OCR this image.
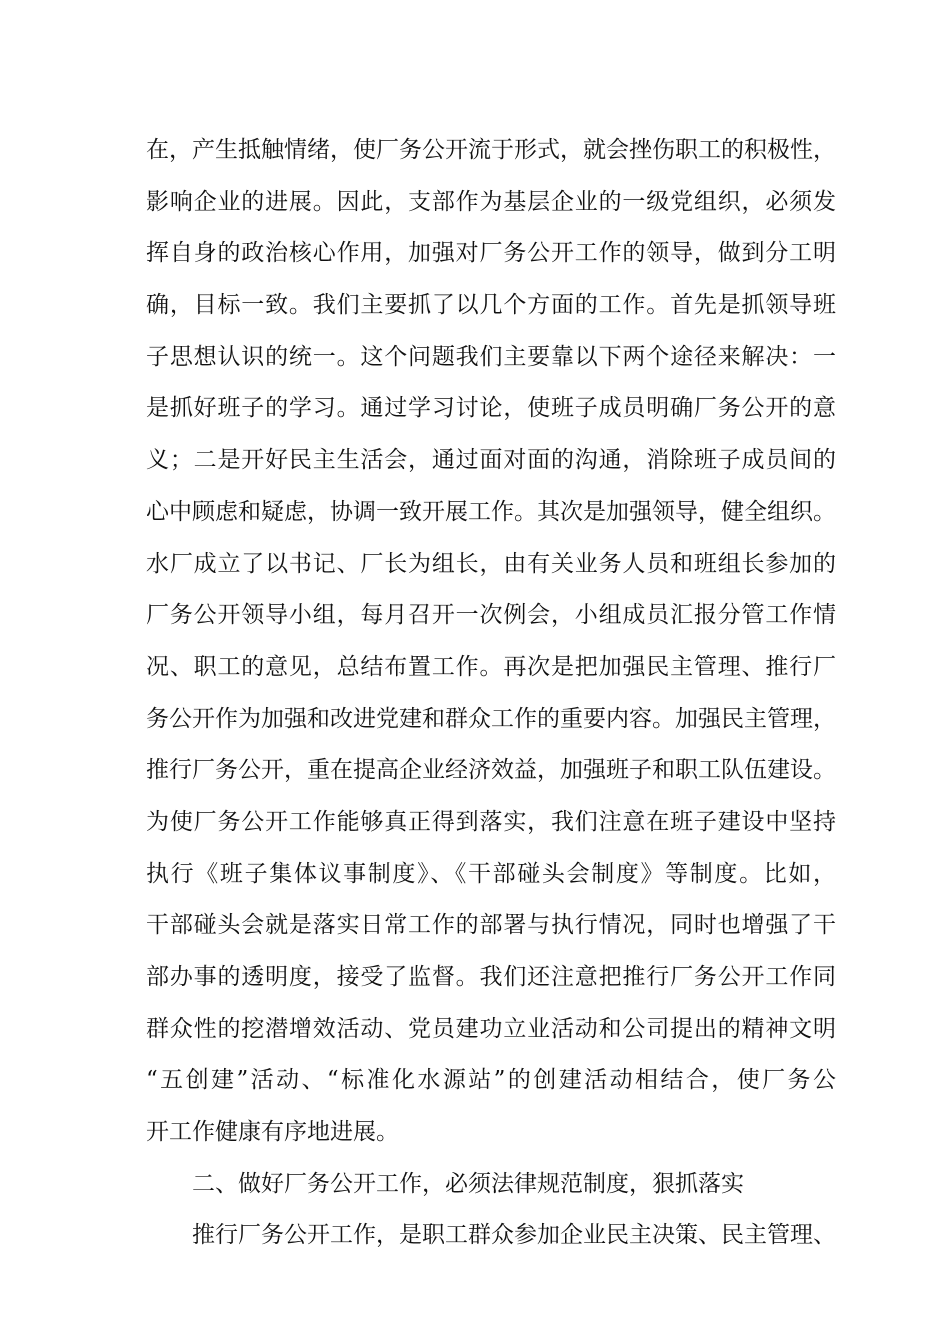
在，产生抵触情绪，使厂务公开流于形式，就会挫伤职工的积极性，
影响企业的进展。因此，支部作为基层企业的一级党组织，必须发
挥自身的政治核心作用，加强对厂务公开工作的领导，做到分工明
确，目标一致。我们主要抓了以几个方面的工作。首先是抓领导班
子思想认识的统一。这个问题我们主要靠以下两个途径来解决：一
是抓好班子的学习。通过学习讨论，使班子成员明确厂务公开的意
义；二是开好民主生活会，通过面对面的沟通，消除班子成员间的
心中顾虑和疑虑，协调一致开展工作。其次是加强领导，健全组织。
水厂成立了以书记、厂长为组长，由有关业务人员和班组长参加的
厂务公开领导小组，每月召开一次例会，小组成员汇报分管工作情
况、职工的意见，总结布置工作。再次是把加强民主管理、推行厂
务公开作为加强和改进党建和群众工作的重要内容。加强民主管理，
推行厂务公开，重在提高企业经济效益，加强班子和职工队伍建设。
为使厂务公开工作能够真正得到落实，我们注意在班子建设中坚持
执行《班子集体议事制度》、《干部碰头会制度》等制度。比如，
干部碰头会就是落实日常工作的部署与执行情况，同时也增强了干
部办事的透明度，接受了监督。我们还注意把推行厂务公开工作同
群众性的挖潜增效活动、党员建功立业活动和公司提出的精神文明
“五创建”活动、“标准化水源站”的创建活动相结合，使厂务公
开工作健康有序地进展。
二、做好厂务公开工作，必须法律规范制度，狠抓落实
推行厂务公开工作，是职工群众参加企业民主决策、民主管理、
